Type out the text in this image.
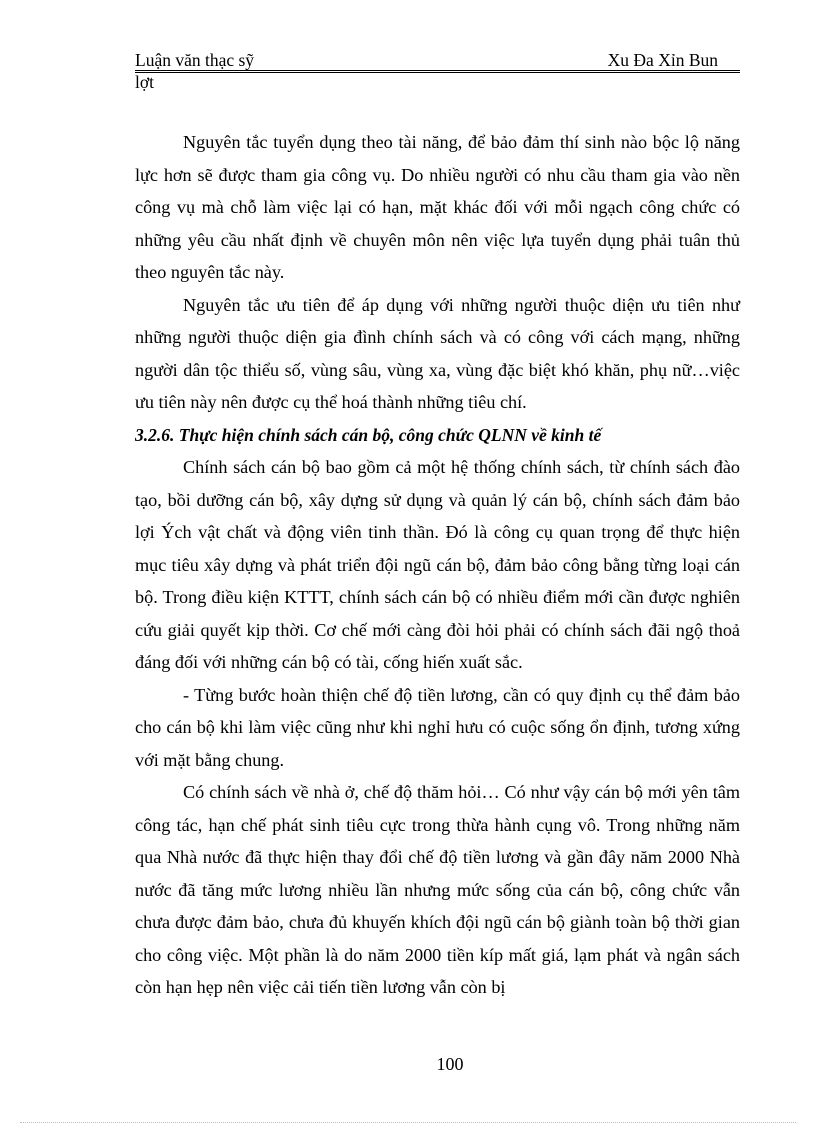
Luận văn thạc sỹ	Xu Đa Xỉn Bun
lợt

Nguyên tắc tuyển dụng theo tài năng, để bảo đảm thí sinh nào bộc lộ năng lực hơn sẽ được tham gia công vụ. Do nhiều người có nhu cầu tham gia vào nền công vụ mà chỗ làm việc lại có hạn, mặt khác đối với mỗi ngạch công chức có những yêu cầu nhất định về chuyên môn nên việc lựa tuyển dụng phải tuân thủ theo nguyên tắc này.

Nguyên tắc ưu tiên để áp dụng với những người thuộc diện ưu tiên như những người thuộc diện gia đình chính sách và có công với cách mạng, những người dân tộc thiểu số, vùng sâu, vùng xa, vùng đặc biệt khó khăn, phụ nữ…việc ưu tiên này nên được cụ thể hoá thành những tiêu chí.

3.2.6. Thực hiện chính sách cán bộ, công chức QLNN về kinh tế

Chính sách cán bộ bao gồm cả một hệ thống chính sách, từ chính sách đào tạo, bồi dưỡng cán bộ, xây dựng sử dụng và quản lý cán bộ, chính sách đảm bảo lợi Ých vật chất và động viên tinh thần. Đó là công cụ quan trọng để thực hiện mục tiêu xây dựng và phát triển đội ngũ cán bộ, đảm bảo công bằng từng loại cán bộ. Trong điều kiện KTTT, chính sách cán bộ có nhiều điểm mới cần được nghiên cứu giải quyết kịp thời. Cơ chế mới càng đòi hỏi phải có chính sách đãi ngộ thoả đáng đối với những cán bộ có tài, cống hiến xuất sắc.

- Từng bước hoàn thiện chế độ tiền lương, cần có quy định cụ thể đảm bảo cho cán bộ khi làm việc cũng như khi nghỉ hưu có cuộc sống ổn định, tương xứng với mặt bằng chung.

Có chính sách về nhà ở, chế độ thăm hỏi… Có như vậy cán bộ mới yên tâm công tác, hạn chế phát sinh tiêu cực trong thừa hành cụng vô. Trong những năm qua Nhà nước đã thực hiện thay đổi chế độ tiền lương và gần đây năm 2000 Nhà nước đã tăng mức lương nhiều lần nhưng mức sống của cán bộ, công chức vẫn chưa được đảm bảo, chưa đủ khuyến khích đội ngũ cán bộ giành toàn bộ thời gian cho công việc. Một phần là do năm 2000 tiền kíp mất giá, lạm phát và ngân sách còn hạn hẹp nên việc cải tiến tiền lương vẫn còn bị

100
